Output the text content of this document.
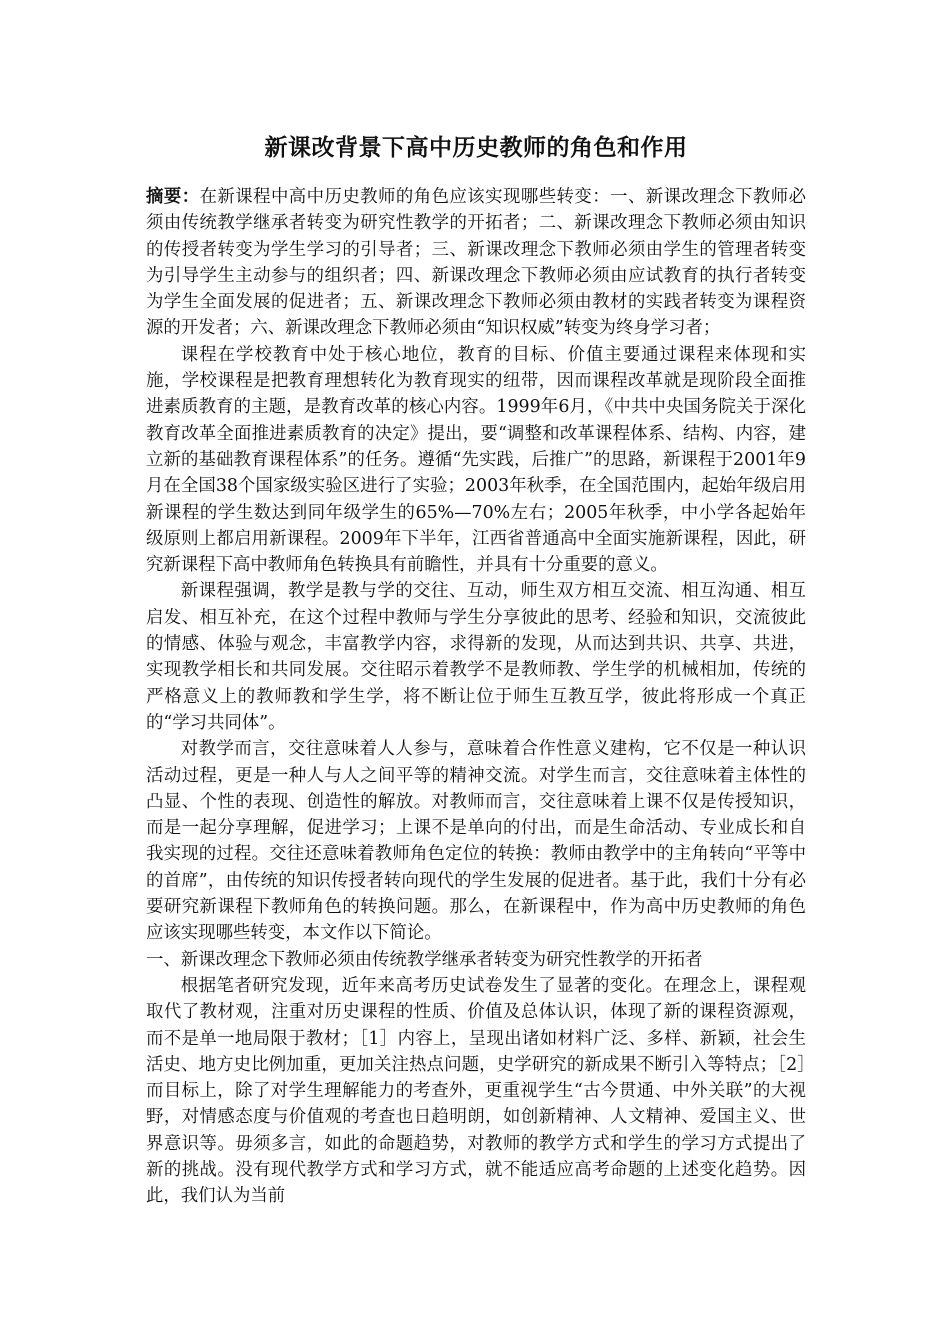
新课改背景下高中历史教师的角色和作用

摘要：在新课程中高中历史教师的角色应该实现哪些转变：一、新课改理念下教师必须由传统教学继承者转变为研究性教学的开拓者；二、新课改理念下教师必须由知识的传授者转变为学生学习的引导者；三、新课改理念下教师必须由学生的管理者转变为引导学生主动参与的组织者；四、新课改理念下教师必须由应试教育的执行者转变为学生全面发展的促进者；五、新课改理念下教师必须由教材的实践者转变为课程资源的开发者；六、新课改理念下教师必须由“知识权威”转变为终身学习者；

课程在学校教育中处于核心地位，教育的目标、价值主要通过课程来体现和实施，学校课程是把教育理想转化为教育现实的纽带，因而课程改革就是现阶段全面推进素质教育的主题，是教育改革的核心内容。1999年6月，《中共中央国务院关于深化教育改革全面推进素质教育的决定》提出，要“调整和改革课程体系、结构、内容，建立新的基础教育课程体系”的任务。遵循“先实践，后推广”的思路，新课程于2001年9月在全国38个国家级实验区进行了实验；2003年秋季，在全国范围内，起始年级启用新课程的学生数达到同年级学生的65%—70%左右；2005年秋季，中小学各起始年级原则上都启用新课程。2009年下半年，江西省普通高中全面实施新课程，因此，研究新课程下高中教师角色转换具有前瞻性，并具有十分重要的意义。

新课程强调，教学是教与学的交往、互动，师生双方相互交流、相互沟通、相互启发、相互补充，在这个过程中教师与学生分享彼此的思考、经验和知识，交流彼此的情感、体验与观念，丰富教学内容，求得新的发现，从而达到共识、共享、共进，实现教学相长和共同发展。交往昭示着教学不是教师教、学生学的机械相加，传统的严格意义上的教师教和学生学，将不断让位于师生互教互学，彼此将形成一个真正的“学习共同体”。

对教学而言，交往意味着人人参与，意味着合作性意义建构，它不仅是一种认识活动过程，更是一种人与人之间平等的精神交流。对学生而言，交往意味着主体性的凸显、个性的表现、创造性的解放。对教师而言，交往意味着上课不仅是传授知识，而是一起分享理解，促进学习；上课不是单向的付出，而是生命活动、专业成长和自我实现的过程。交往还意味着教师角色定位的转换：教师由教学中的主角转向“平等中的首席”，由传统的知识传授者转向现代的学生发展的促进者。基于此，我们十分有必要研究新课程下教师角色的转换问题。那么，在新课程中，作为高中历史教师的角色应该实现哪些转变，本文作以下简论。

一、新课改理念下教师必须由传统教学继承者转变为研究性教学的开拓者

根据笔者研究发现，近年来高考历史试卷发生了显著的变化。在理念上，课程观取代了教材观，注重对历史课程的性质、价值及总体认识，体现了新的课程资源观，而不是单一地局限于教材；［1］内容上，呈现出诸如材料广泛、多样、新颖，社会生活史、地方史比例加重，更加关注热点问题，史学研究的新成果不断引入等特点；［2］而目标上，除了对学生理解能力的考查外，更重视学生“古今贯通、中外关联”的大视野，对情感态度与价值观的考查也日趋明朗，如创新精神、人文精神、爱国主义、世界意识等。毋须多言，如此的命题趋势，对教师的教学方式和学生的学习方式提出了新的挑战。没有现代教学方式和学习方式，就不能适应高考命题的上述变化趋势。因此，我们认为当前
